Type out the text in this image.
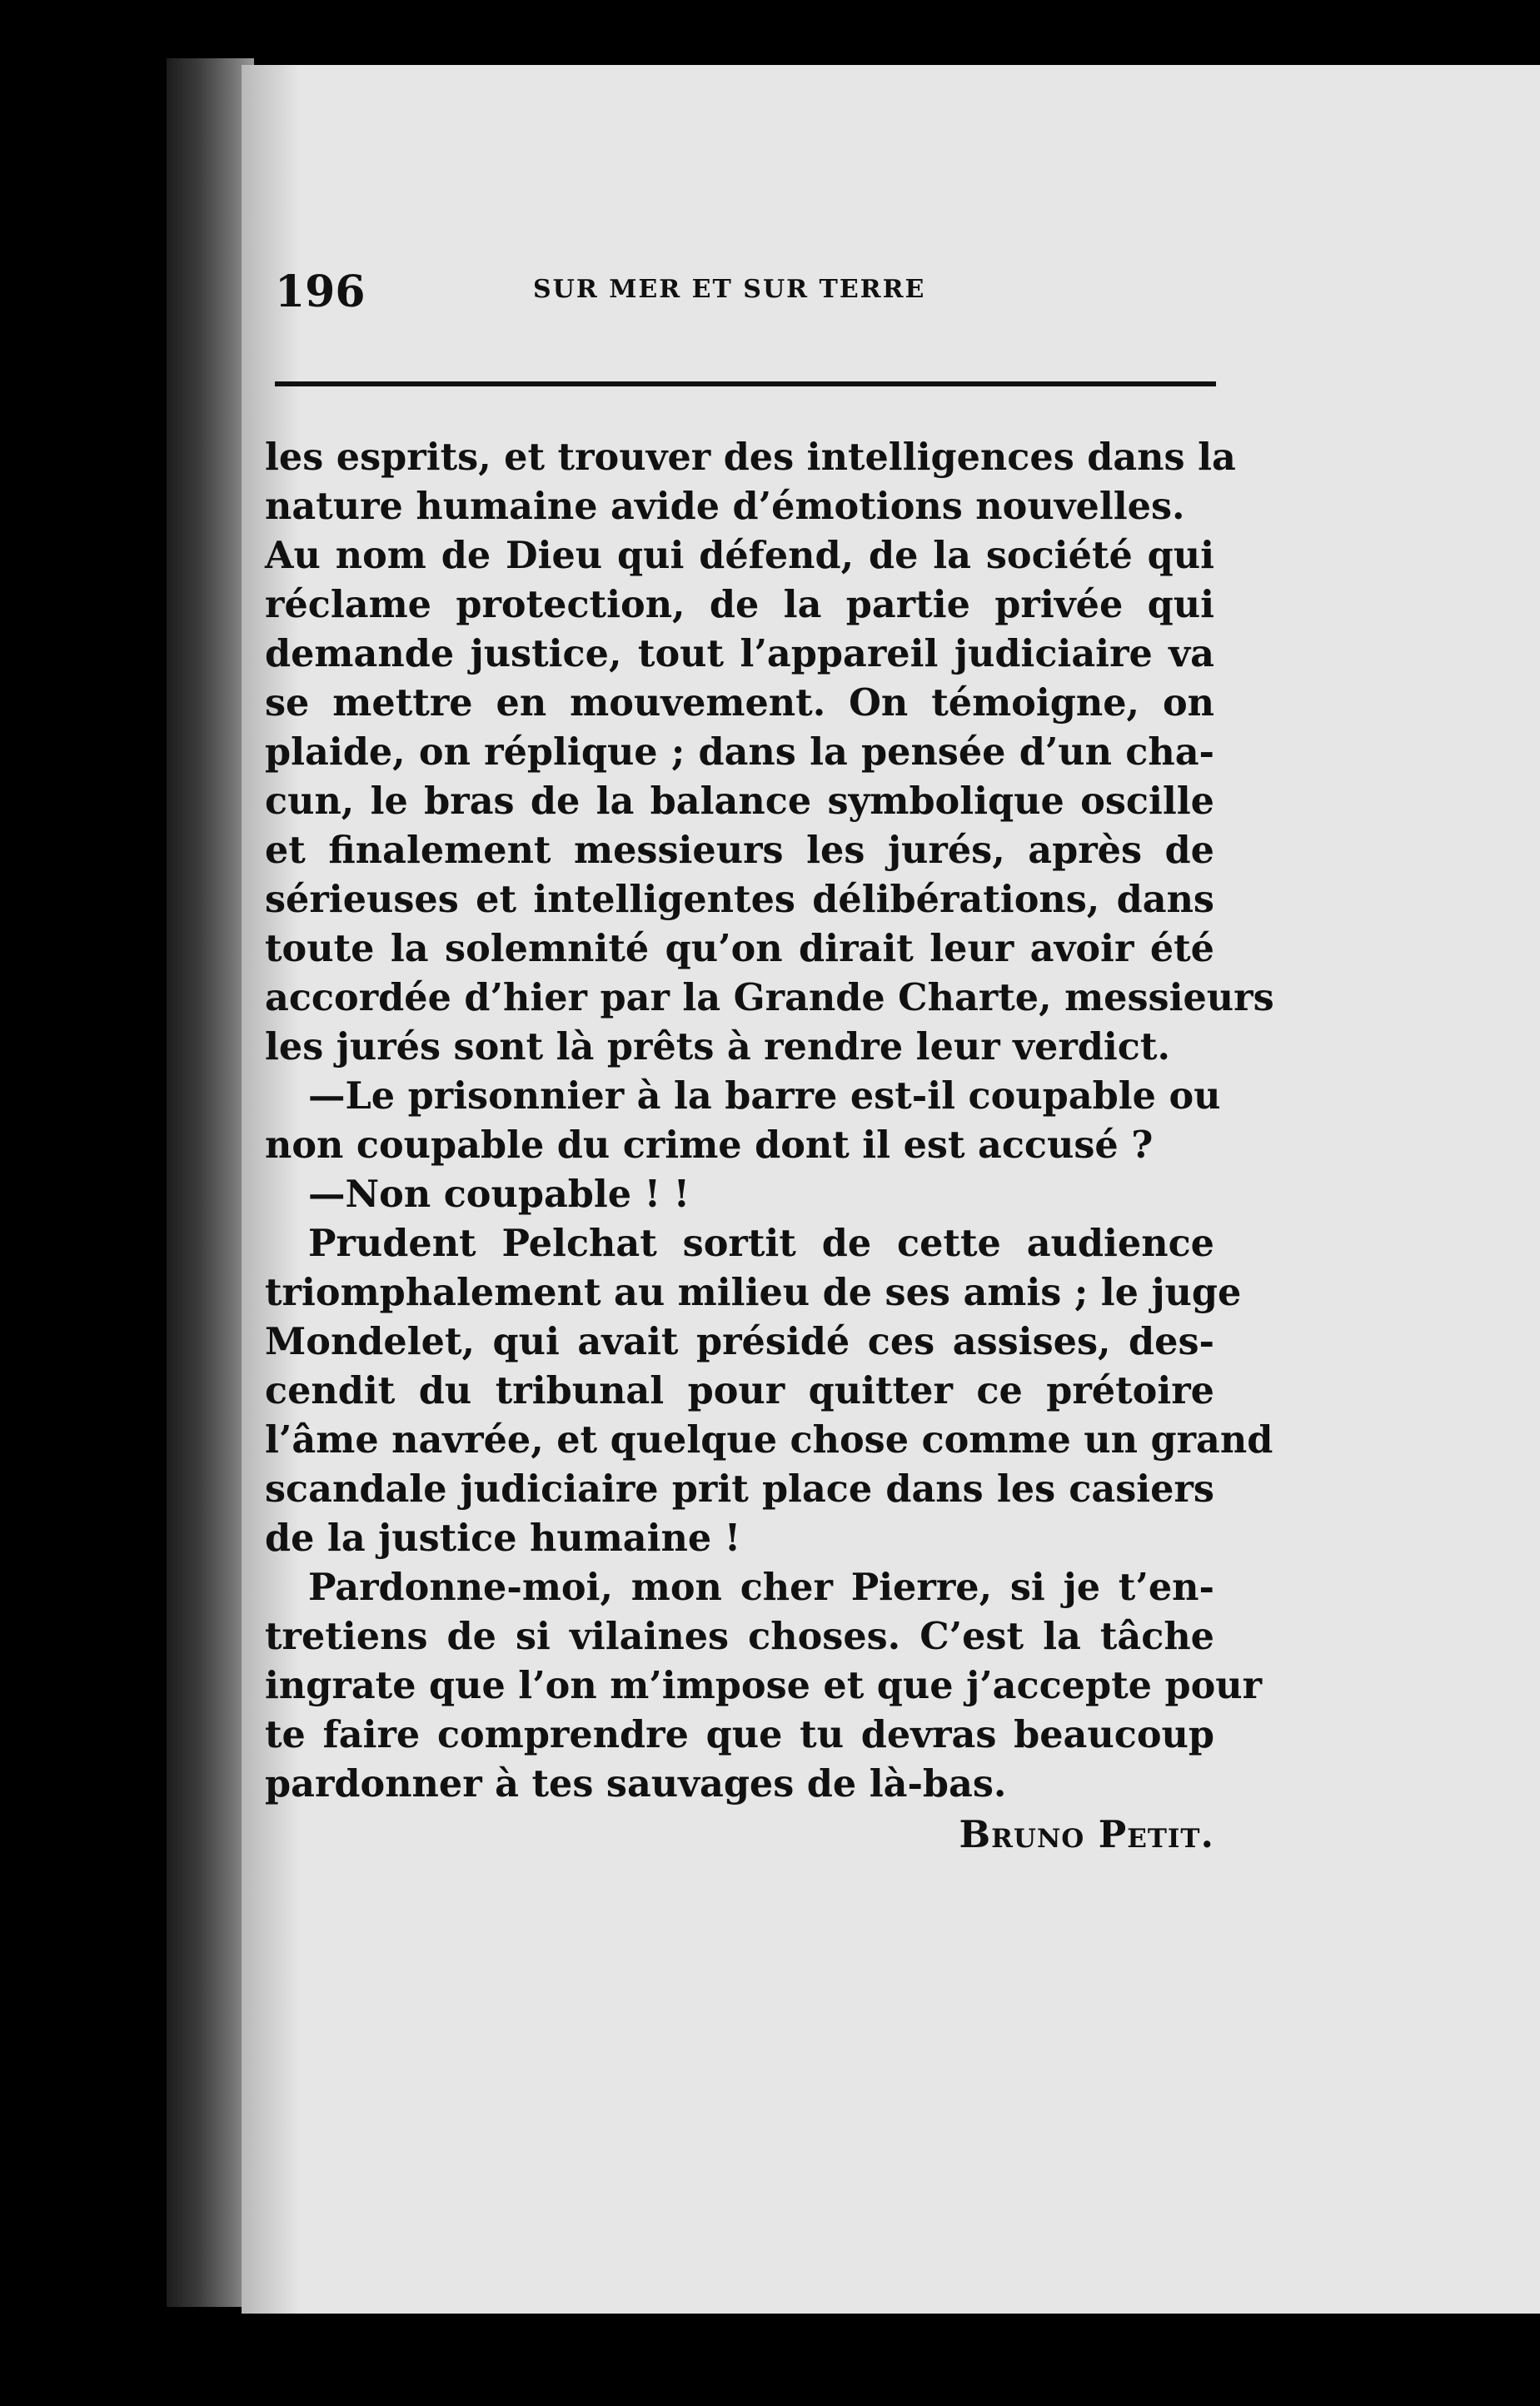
196	SUR MER ET SUR TERRE
les esprits, et trouver des intelligences dans la
nature humaine avide d’émotions nouvelles.
Au nom de Dieu qui défend, de la société qui
réclame protection, de la partie privée qui
demande justice, tout l’appareil judiciaire va
se mettre en mouvement. On témoigne, on
plaide, on réplique ; dans la pensée d’un cha-
cun, le bras de la balance symbolique oscille
et finalement messieurs les jurés, après de
sérieuses et intelligentes délibérations, dans
toute la solemnité qu’on dirait leur avoir été
accordée d’hier par la Grande Charte, messieurs
les jurés sont là prêts à rendre leur verdict.
—Le prisonnier à la barre est-il coupable ou
non coupable du crime dont il est accusé ?
—Non coupable ! !
Prudent Pelchat sortit de cette audience
triomphalement au milieu de ses amis ; le juge
Mondelet, qui avait présidé ces assises, des-
cendit du tribunal pour quitter ce prétoire
l’âme navrée, et quelque chose comme un grand
scandale judiciaire prit place dans les casiers
de la justice humaine !
Pardonne-moi, mon cher Pierre, si je t’en-
tretiens de si vilaines choses. C’est la tâche
ingrate que l’on m’impose et que j’accepte pour
te faire comprendre que tu devras beaucoup
pardonner à tes sauvages de là-bas.
Bruno Petit.
